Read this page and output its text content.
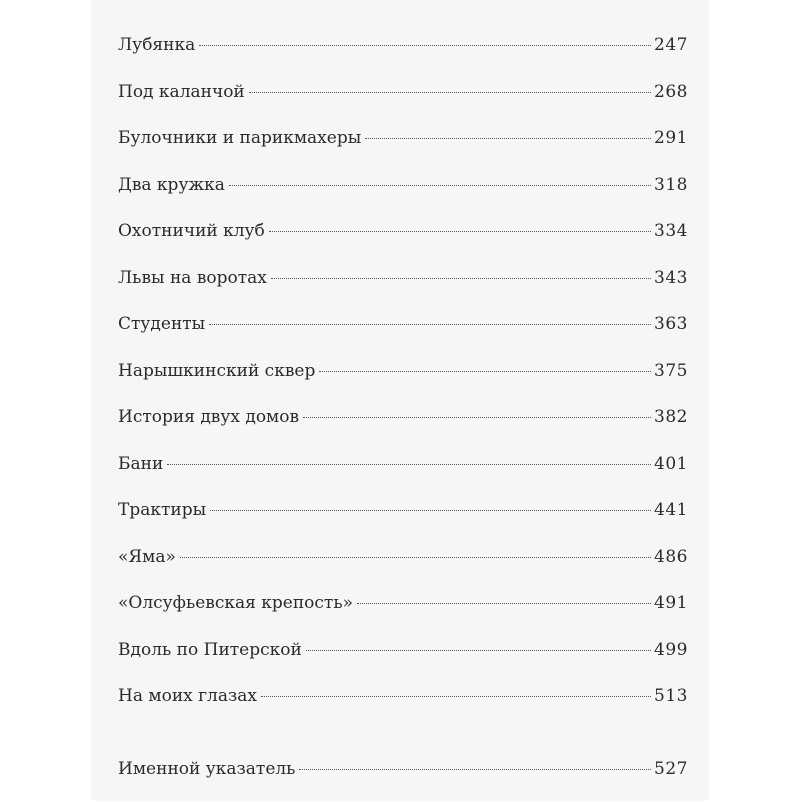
Лубянка	247
Под каланчой	268
Булочники и парикмахеры	291
Два кружка	318
Охотничий клуб	334
Львы на воротах	343
Студенты	363
Нарышкинский сквер	375
История двух домов	382
Бани	401
Трактиры	441
«Яма»	486
«Олсуфьевская крепость»	491
Вдоль по Питерской	499
На моих глазах	513
Именной указатель	527
